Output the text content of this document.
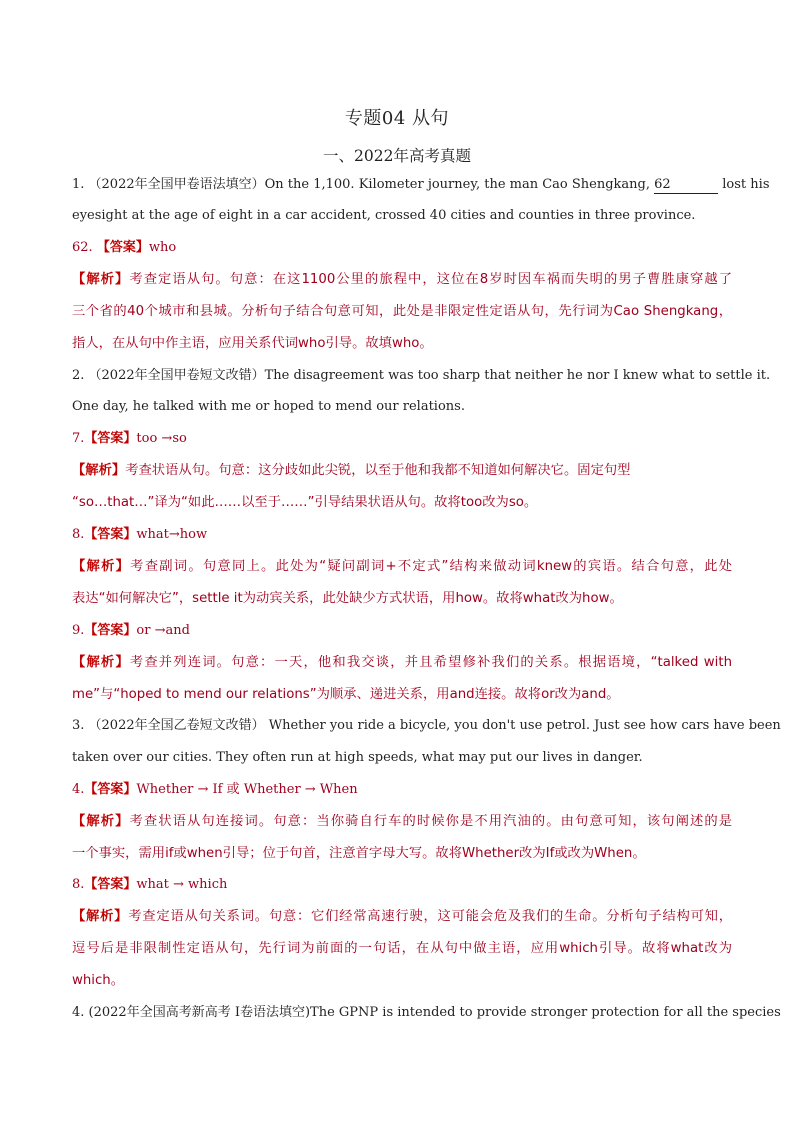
专题04 从句
一、2022年高考真题
1. （2022年全国甲卷语法填空）On the 1,100. Kilometer journey, the man Cao Shengkang, 62	lost his
eyesight at the age of eight in a car accident, crossed 40 cities and counties in three province.
62. 【答案】who
【解析】考查定语从句。句意：在这1100公里的旅程中，这位在8岁时因车祸而失明的男子曹胜康穿越了
三个省的40个城市和县城。分析句子结合句意可知，此处是非限定性定语从句，先行词为Cao Shengkang，
指人，在从句中作主语，应用关系代词who引导。故填who。
2. （2022年全国甲卷短文改错）The disagreement was too sharp that neither he nor I knew what to settle it.
One day, he talked with me or hoped to mend our relations.
7.【答案】too →so
【解析】考查状语从句。句意：这分歧如此尖锐，以至于他和我都不知道如何解决它。固定句型
“so…that…”译为“如此……以至于……”引导结果状语从句。故将too改为so。
8.【答案】what→how
【解析】考查副词。句意同上。此处为“疑问副词+不定式”结构来做动词knew的宾语。结合句意，此处
表达“如何解决它”，settle it为动宾关系，此处缺少方式状语，用how。故将what改为how。
9.【答案】or →and
【解析】考查并列连词。句意：一天，他和我交谈，并且希望修补我们的关系。根据语境，“talked with
me”与“hoped to mend our relations”为顺承、递进关系，用and连接。故将or改为and。
3. （2022年全国乙卷短文改错） Whether you ride a bicycle, you don't use petrol. Just see how cars have been
taken over our cities. They often run at high speeds, what may put our lives in danger.
4.【答案】Whether → If 或 Whether → When
【解析】考查状语从句连接词。句意：当你骑自行车的时候你是不用汽油的。由句意可知，该句阐述的是
一个事实，需用if或when引导；位于句首，注意首字母大写。故将Whether改为If或改为When。
8.【答案】what → which
【解析】考查定语从句关系词。句意：它们经常高速行驶，这可能会危及我们的生命。分析句子结构可知，
逗号后是非限制性定语从句，先行词为前面的一句话，在从句中做主语，应用which引导。故将what改为
which。
4. (2022年全国高考新高考 I卷语法填空)The GPNP is intended to provide stronger protection for all the species
